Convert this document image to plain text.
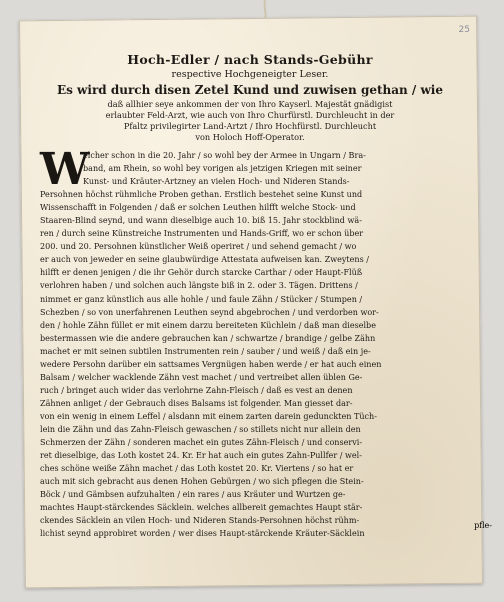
25
Hoch-Edler / nach Stands-Gebühr
respective Hochgeneigter Leser.
Es wird durch disen Zetel Kund und zuwisen gethan / wie
daß allhier seye ankommen der von Ihro Kayserl. Majestät gnädigist
erlaubter Feld-Arzt, wie auch von Ihro Churfürstl. Durchleucht in der
Pfaltz privilegirter Land-Artzt / Ihro Hochfürstl. Durchleucht
von Holoch Hoff-Operator.
W
elcher schon in die 20. Jahr / so wohl bey der Armee in Ungarn / Bra-
band, am Rhein, so wohl bey vorigen als jetzigen Kriegen mit seiner
Kunst- und Kräuter-Artzney an vielen Hoch- und Nideren Stands-
Persohnen höchst rühmliche Proben gethan. Erstlich bestehet seine Kunst und
Wissenschafft in Folgenden / daß er solchen Leuthen hilfft welche Stock- und
Staaren-Blind seynd, und wann dieselbige auch 10. biß 15. Jahr stockblind wä-
ren / durch seine Künstreiche Instrumenten und Hands-Griff, wo er schon über
200. und 20. Persohnen künstlicher Weiß operiret / und sehend gemacht / wo
er auch von jeweder en seine glaubwürdige Attestata aufweisen kan. Zweytens /
hilfft er denen jenigen / die ihr Gehör durch starcke Carthar / oder Haupt-Flüß
verlohren haben / und solchen auch längste biß in 2. oder 3. Tägen. Drittens /
nimmet er ganz künstlich aus alle hohle / und faule Zähn / Stücker / Stumpen /
Schezben / so von unerfahrenen Leuthen seynd abgebrochen / und verdorben wor-
den / hohle Zähn füllet er mit einem darzu bereiteten Küchlein / daß man dieselbe
bestermassen wie die andere gebrauchen kan / schwartze / brandige / gelbe Zähn
machet er mit seinen subtilen Instrumenten rein / sauber / und weiß / daß ein je-
wedere Persohn darüber ein sattsames Vergnügen haben werde / er hat auch einen
Balsam / welcher wacklende Zähn vest machet / und vertreibet allen üblen Ge-
ruch / bringet auch wider das verlohrne Zahn-Fleisch / daß es vest an denen
Zähnen anliget / der Gebrauch dises Balsams ist folgender. Man giesset dar-
von ein wenig in einem Leffel / alsdann mit einem zarten darein gedunckten Tüch-
lein die Zähn und das Zahn-Fleisch gewaschen / so stillets nicht nur allein den
Schmerzen der Zähn / sonderen machet ein gutes Zähn-Fleisch / und conservi-
ret dieselbige, das Loth kostet 24. Kr. Er hat auch ein gutes Zahn-Pullfer / wel-
ches schöne weiße Zähn machet / das Loth kostet 20. Kr. Viertens / so hat er
auch mit sich gebracht aus denen Hohen Gebürgen / wo sich pflegen die Stein-
Böck / und Gämbsen aufzuhalten / ein rares / aus Kräuter und Wurtzen ge-
machtes Haupt-stärckendes Säcklein. welches allbereit gemachtes Haupt stär-
ckendes Säcklein an vilen Hoch- und Nideren Stands-Persohnen höchst rühm-
lichist seynd approbiret worden / wer dises Haupt-stärckende Kräuter-Säcklein
pfle-
